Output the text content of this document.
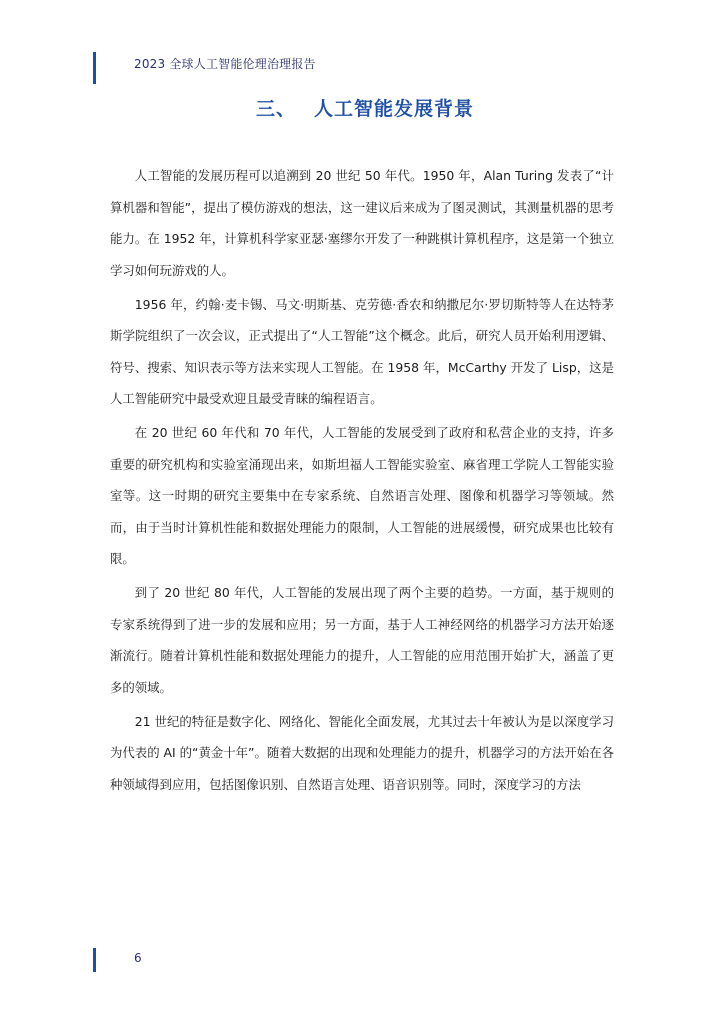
2023 全球人工智能伦理治理报告
三、 人工智能发展背景

人工智能的发展历程可以追溯到 20 世纪 50 年代。1950 年，Alan Turing 发表了“计算机器和智能”，提出了模仿游戏的想法，这一建议后来成为了图灵测试，其测量机器的思考能力。在 1952 年，计算机科学家亚瑟·塞缪尔开发了一种跳棋计算机程序，这是第一个独立学习如何玩游戏的人。

1956 年，约翰·麦卡锡、马文·明斯基、克劳德·香农和纳撒尼尔·罗切斯特等人在达特茅斯学院组织了一次会议，正式提出了“人工智能”这个概念。此后，研究人员开始利用逻辑、符号、搜索、知识表示等方法来实现人工智能。在 1958 年，McCarthy 开发了 Lisp，这是人工智能研究中最受欢迎且最受青睐的编程语言。

在 20 世纪 60 年代和 70 年代，人工智能的发展受到了政府和私营企业的支持，许多重要的研究机构和实验室涌现出来，如斯坦福人工智能实验室、麻省理工学院人工智能实验室等。这一时期的研究主要集中在专家系统、自然语言处理、图像和机器学习等领域。然而，由于当时计算机性能和数据处理能力的限制，人工智能的进展缓慢，研究成果也比较有限。

到了 20 世纪 80 年代，人工智能的发展出现了两个主要的趋势。一方面，基于规则的专家系统得到了进一步的发展和应用；另一方面，基于人工神经网络的机器学习方法开始逐渐流行。随着计算机性能和数据处理能力的提升，人工智能的应用范围开始扩大，涵盖了更多的领域。

21 世纪的特征是数字化、网络化、智能化全面发展，尤其过去十年被认为是以深度学习为代表的 AI 的“黄金十年”。随着大数据的出现和处理能力的提升，机器学习的方法开始在各种领域得到应用，包括图像识别、自然语言处理、语音识别等。同时，深度学习的方法

6
